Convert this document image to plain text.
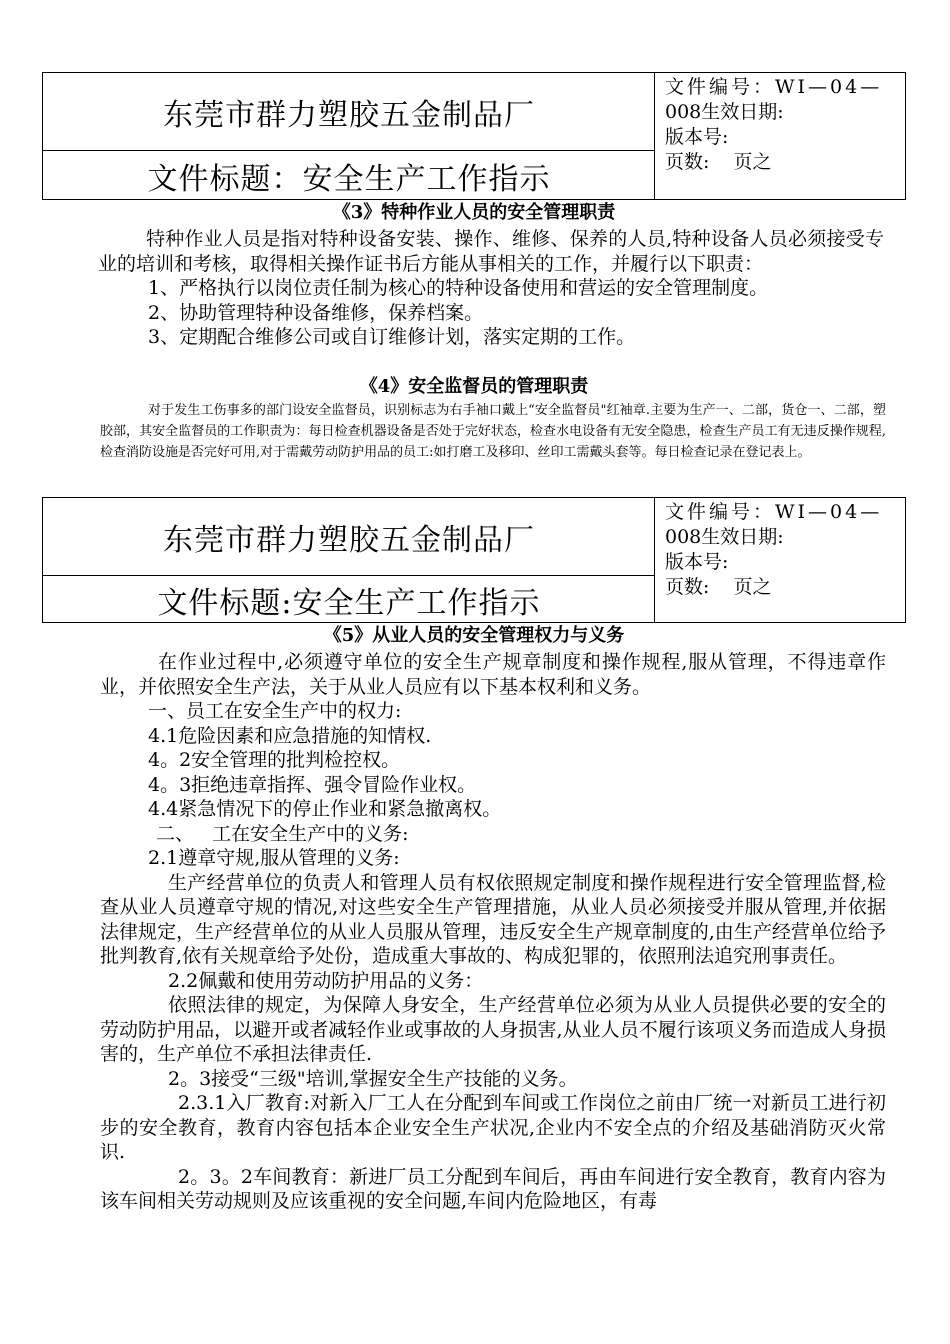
东莞市群力塑胶五金制品厂
文件标题：安全生产工作指示
文件编号：WI—04—
008生效日期:
版本号:
页数:    页之
《3》特种作业人员的安全管理职责

特种作业人员是指对特种设备安装、操作、维修、保养的人员,特种设备人员必须接受专业的培训和考核，取得相关操作证书后方能从事相关的工作，并履行以下职责：

1、严格执行以岗位责任制为核心的特种设备使用和营运的安全管理制度。

2、协助管理特种设备维修，保养档案。

3、定期配合维修公司或自订维修计划，落实定期的工作。

《4》安全监督员的管理职责

对于发生工伤事多的部门设安全监督员，识别标志为右手袖口戴上“安全监督员"红袖章.主要为生产一、二部，货仓一、二部，塑胶部，其安全监督员的工作职责为：每日检查机器设备是否处于完好状态，检查水电设备有无安全隐患，检查生产员工有无违反操作规程,检查消防设施是否完好可用,对于需戴劳动防护用品的员工:如打磨工及移印、丝印工需戴头套等。每日检查记录在登记表上。

东莞市群力塑胶五金制品厂
文件标题:安全生产工作指示
文件编号：WI—04—
008生效日期:
版本号:
页数:    页之
《5》从业人员的安全管理权力与义务

在作业过程中,必须遵守单位的安全生产规章制度和操作规程,服从管理，不得违章作业，并依照安全生产法，关于从业人员应有以下基本权利和义务。

一、员工在安全生产中的权力:

4.1危险因素和应急措施的知情权.

4。2安全管理的批判检控权。

4。3拒绝违章指挥、强令冒险作业权。

4.4紧急情况下的停止作业和紧急撤离权。

二、   工在安全生产中的义务:

2.1遵章守规,服从管理的义务:

生产经营单位的负责人和管理人员有权依照规定制度和操作规程进行安全管理监督,检查从业人员遵章守规的情况,对这些安全生产管理措施，从业人员必须接受并服从管理,并依据法律规定，生产经营单位的从业人员服从管理，违反安全生产规章制度的,由生产经营单位给予批判教育,依有关规章给予处份，造成重大事故的、构成犯罪的，依照刑法追究刑事责任。

2.2佩戴和使用劳动防护用品的义务：

依照法律的规定，为保障人身安全，生产经营单位必须为从业人员提供必要的安全的劳动防护用品，以避开或者减轻作业或事故的人身损害,从业人员不履行该项义务而造成人身损害的，生产单位不承担法律责任.

2。3接受“三级"培训,掌握安全生产技能的义务。

2.3.1入厂教育:对新入厂工人在分配到车间或工作岗位之前由厂统一对新员工进行初步的安全教育，教育内容包括本企业安全生产状况,企业内不安全点的介绍及基础消防灭火常识.

2。3。2车间教育：新进厂员工分配到车间后，再由车间进行安全教育，教育内容为该车间相关劳动规则及应该重视的安全问题,车间内危险地区，有毒
